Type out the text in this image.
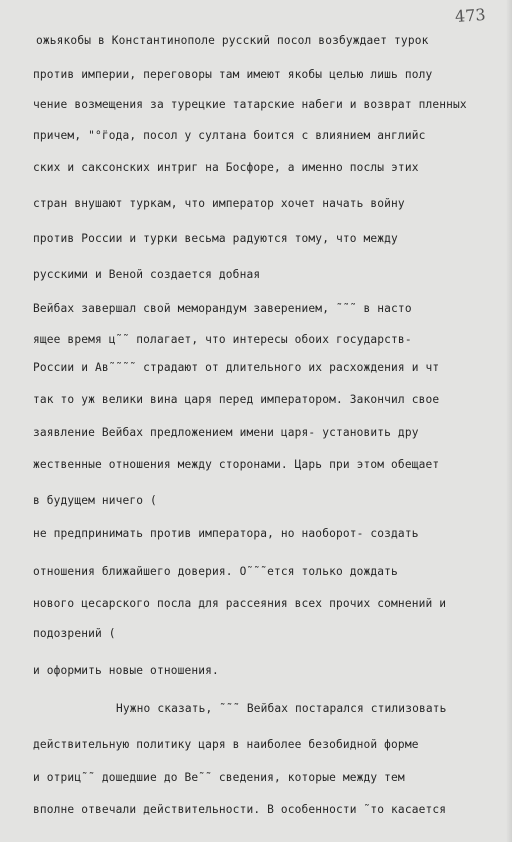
473
ожьякобы в Константинополе русский посол возбуждает турок
против империи, переговоры там имеют якобы целью лишь полу
чение возмещения за турецкие татарские набеги и возврат пленных
причем, "°̈года, посол у султана боится с влиянием английс
ских и саксонских интриг на Босфоре, а именно послы этих
стран внушают туркам, что император хочет начать войну
против России и турки весьма радуются тому, что между
русскими и Веной создается добная
Вейбах завершал свой меморандум заверением, ˜˜˜ в насто
ящее время ц˜˜ полагает, что интересы обоих государств-
России и Ав˜˜˜˜ страдают от длительного их расхождения и чт
так то уж велики вина царя перед императором. Закончил свое
заявление Вейбах предложением имени царя- установить дру
жественные отношения между сторонами. Царь при этом обещает
в будущем ничего (
не предпринимать против императора, но наоборот- создать
отношения ближайшего доверия. О˜˜˜ется только дождать
нового цесарского посла для рассеяния всех прочих сомнений и
подозрений (
и оформить новые отношения.
Нужно сказать, ˜˜˜ Вейбах постарался стилизовать
действительную политику царя в наиболее безобидной форме
и отриц˜˜ дошедшие до Ве˜˜ сведения, которые между тем
вполне отвечали действительности. В особенности ˜то касается
